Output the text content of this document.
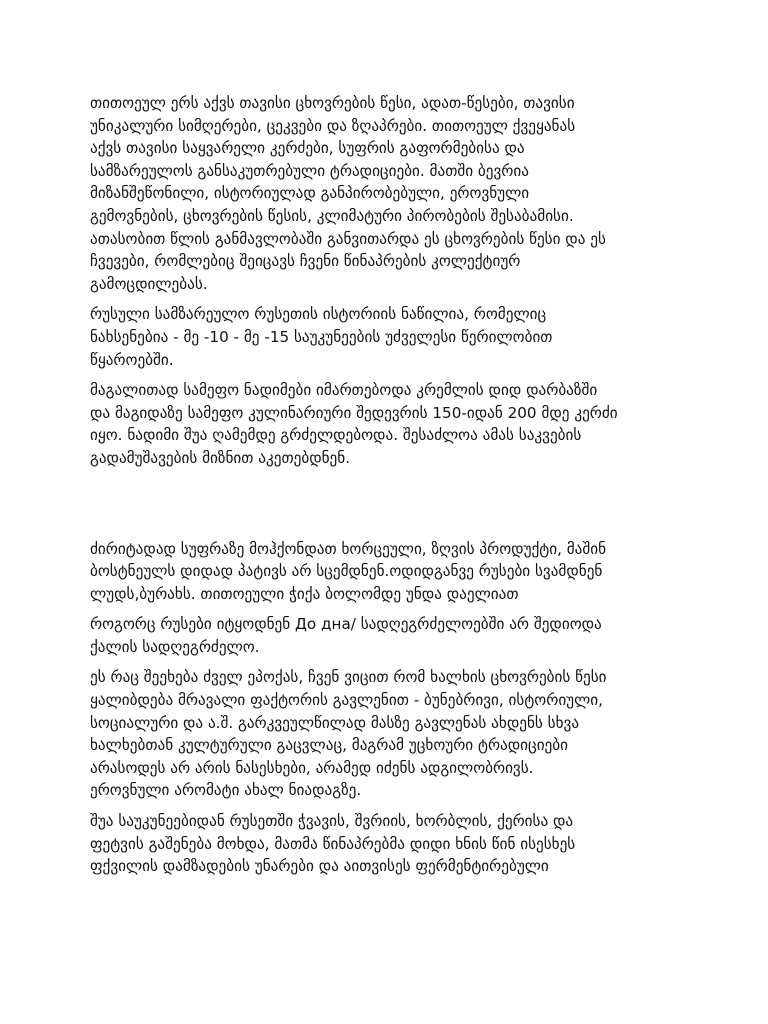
თითოეულ ერს აქვს თავისი ცხოვრების წესი, ადათ-წესები, თავისი
უნიკალური სიმღერები, ცეკვები და ზღაპრები. თითოეულ ქვეყანას
აქვს თავისი საყვარელი კერძები, სუფრის გაფორმებისა და
სამზარეულოს განსაკუთრებული ტრადიციები. მათში ბევრია
მიზანშეწონილი, ისტორიულად განპირობებული, ეროვნული
გემოვნების, ცხოვრების წესის, კლიმატური პირობების შესაბამისი.
ათასობით წლის განმავლობაში განვითარდა ეს ცხოვრების წესი და ეს
ჩვევები, რომლებიც შეიცავს ჩვენი წინაპრების კოლექტიურ
გამოცდილებას.

რუსული სამზარეულო რუსეთის ისტორიის ნაწილია, რომელიც
ნახსენებია - მე -10 - მე -15 საუკუნეების უძველესი წერილობით
წყაროებში.

მაგალითად სამეფო ნადიმები იმართებოდა კრემლის დიდ დარბაზში
და მაგიდაზე სამეფო კულინარიური შედევრის 150-იდან 200 მდე კერძი
იყო. ნადიმი შუა ღამემდე გრძელდებოდა. შესაძლოა ამას საკვების
გადამუშავების მიზნით აკეთებდნენ.

ძირიტადად სუფრაზე მოჰქონდათ ხორცეული, ზღვის პროდუქტი, მაშინ
ბოსტნეულს დიდად პატივს არ სცემდნენ.ოდიდგანვე რუსები სვამდნენ
ლუდს,ბურახს. თითოეული ჭიქა ბოლომდე უნდა დაელიათ

როგორც რუსები იტყოდნენ До дна/ სადღეგრძელოებში არ შედიოდა
ქალის სადღეგრძელო.

ეს რაც შეეხება ძველ ეპოქას, ჩვენ ვიცით რომ ხალხის ცხოვრების წესი
ყალიბდება მრავალი ფაქტორის გავლენით - ბუნებრივი, ისტორიული,
სოციალური და ა.შ. გარკვეულწილად მასზე გავლენას ახდენს სხვა
ხალხებთან კულტურული გაცვლაც, მაგრამ უცხოური ტრადიციები
არასოდეს არ არის ნასესხები, არამედ იძენს ადგილობრივს.
ეროვნული არომატი ახალ ნიადაგზე.

შუა საუკუნეებიდან რუსეთში ჭვავის, შვრიის, ხორბლის, ქერისა და
ფეტვის გაშენება მოხდა, მათმა წინაპრებმა დიდი ხნის წინ ისესხეს
ფქვილის დამზადების უნარები და აითვისეს ფერმენტირებული
